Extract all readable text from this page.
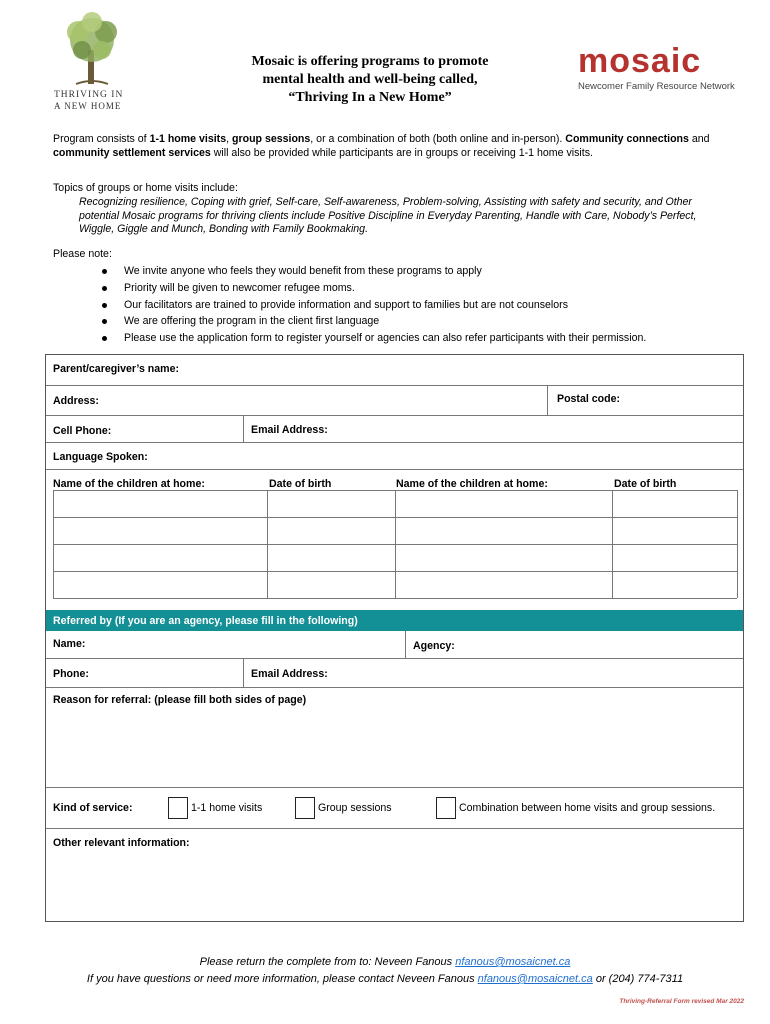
THRIVING IN
A NEW HOME
Mosaic is offering programs to promote
mental health and well-being called,
“Thriving In a New Home”
mosaic
Newcomer Family Resource Network
Program consists of 1-1 home visits, group sessions, or a combination of both (both online and in-person). Community connections and community settlement services will also be provided while participants are in groups or receiving 1-1 home visits.
Topics of groups or home visits include:
Recognizing resilience, Coping with grief, Self-care, Self-awareness, Problem-solving, Assisting with safety and security, and Other potential Mosaic programs for thriving clients include Positive Discipline in Everyday Parenting, Handle with Care, Nobody’s Perfect, Wiggle, Giggle and Munch, Bonding with Family Bookmaking.
Please note:
We invite anyone who feels they would benefit from these programs to apply
Priority will be given to newcomer refugee moms.
Our facilitators are trained to provide information and support to families but are not counselors
We are offering the program in the client first language
Please use the application form to register yourself or agencies can also refer participants with their permission.
Parent/caregiver’s name:
Address:	Postal code:
Cell Phone:	Email Address:
Language Spoken:
Name of the children at home:	Date of birth	Name of the children at home:	Date of birth
Referred by (If you are an agency, please fill in the following)
Name:	Agency:
Phone:	Email Address:
Reason for referral: (please fill both sides of page)
Kind of service:	1-1 home visits	Group sessions	Combination between home visits and group sessions.
Other relevant information:
Please return the complete from to: Neveen Fanous nfanous@mosaicnet.ca
If you have questions or need more information, please contact Neveen Fanous nfanous@mosaicnet.ca or (204) 774-7311
Thriving-Referral Form revised Mar 2022
